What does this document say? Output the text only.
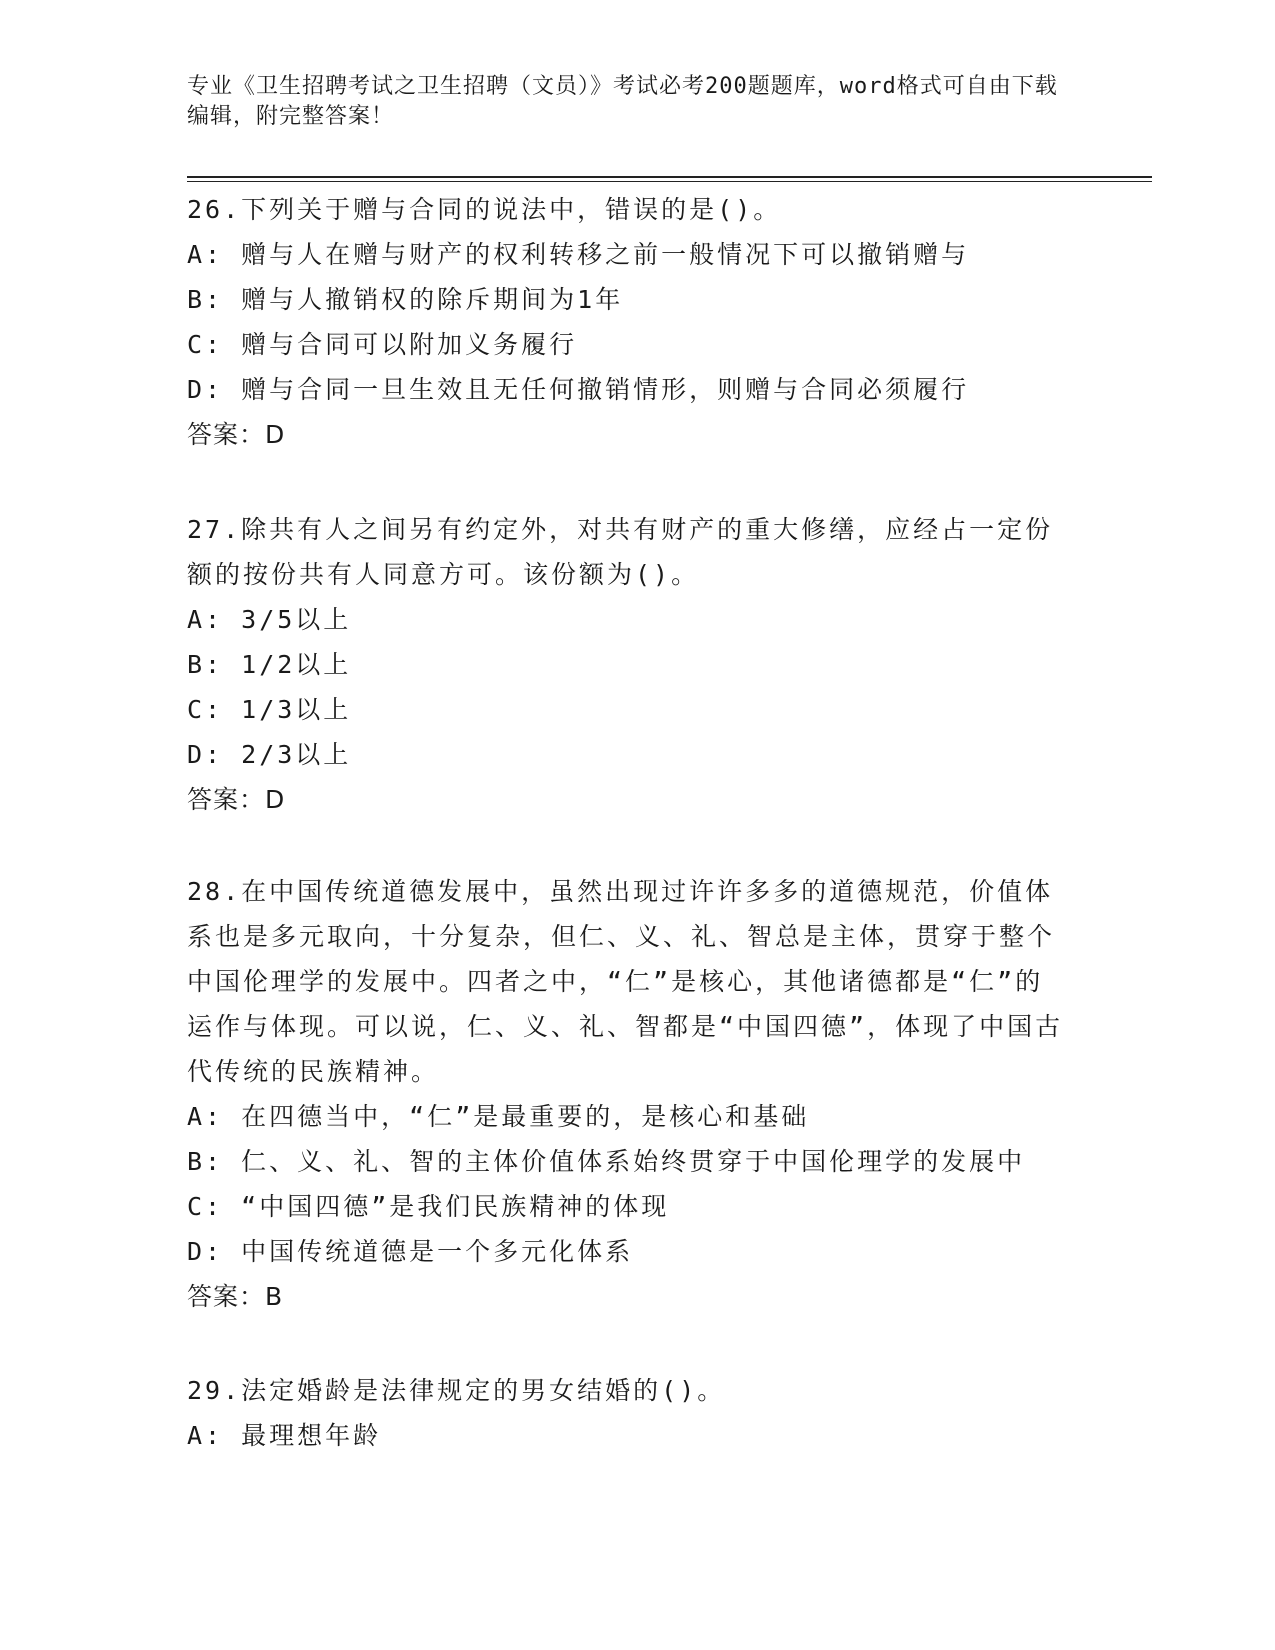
专业《卫生招聘考试之卫生招聘（文员）》考试必考200题题库，word格式可自由下载编辑，附完整答案！

26.下列关于赠与合同的说法中，错误的是()。

A: 赠与人在赠与财产的权利转移之前一般情况下可以撤销赠与

B: 赠与人撤销权的除斥期间为1年

C: 赠与合同可以附加义务履行

D: 赠与合同一旦生效且无任何撤销情形，则赠与合同必须履行

答案：D

27.除共有人之间另有约定外，对共有财产的重大修缮，应经占一定份额的按份共有人同意方可。该份额为()。

A: 3/5以上

B: 1/2以上

C: 1/3以上

D: 2/3以上

答案：D

28.在中国传统道德发展中，虽然出现过许许多多的道德规范，价值体系也是多元取向，十分复杂，但仁、义、礼、智总是主体，贯穿于整个中国伦理学的发展中。四者之中，“仁”是核心，其他诸德都是“仁”的运作与体现。可以说，仁、义、礼、智都是“中国四德”，体现了中国古代传统的民族精神。

A: 在四德当中，“仁”是最重要的，是核心和基础

B: 仁、义、礼、智的主体价值体系始终贯穿于中国伦理学的发展中

C: “中国四德”是我们民族精神的体现

D: 中国传统道德是一个多元化体系

答案：B

29.法定婚龄是法律规定的男女结婚的()。

A: 最理想年龄
